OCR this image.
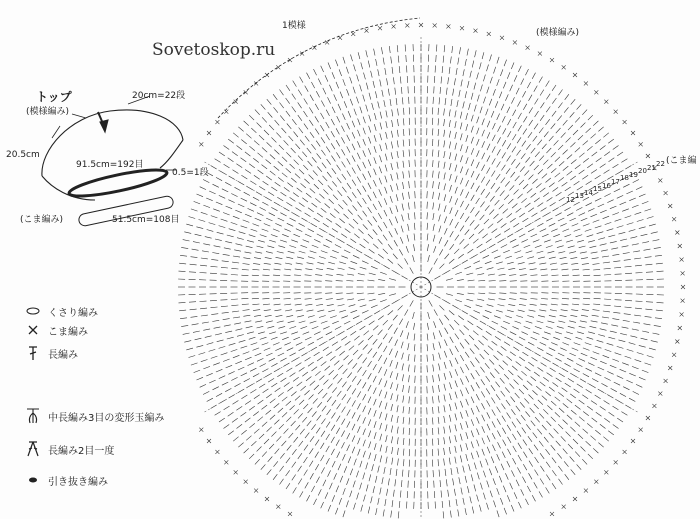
Sovetoskop.ru
トップ
(模様編み)
20cm=22段
20.5cm
91.5cm=192目
0.5=1段
(こま編み)	51.5cm=108目
1模様
(模様編み)
(こま編
12 13 14 15 16 17 18 19 20 21 22
くさり編み
こま編み
長編み
中長編み3目の変形玉編み
長編み2目一度
引き抜き編み
